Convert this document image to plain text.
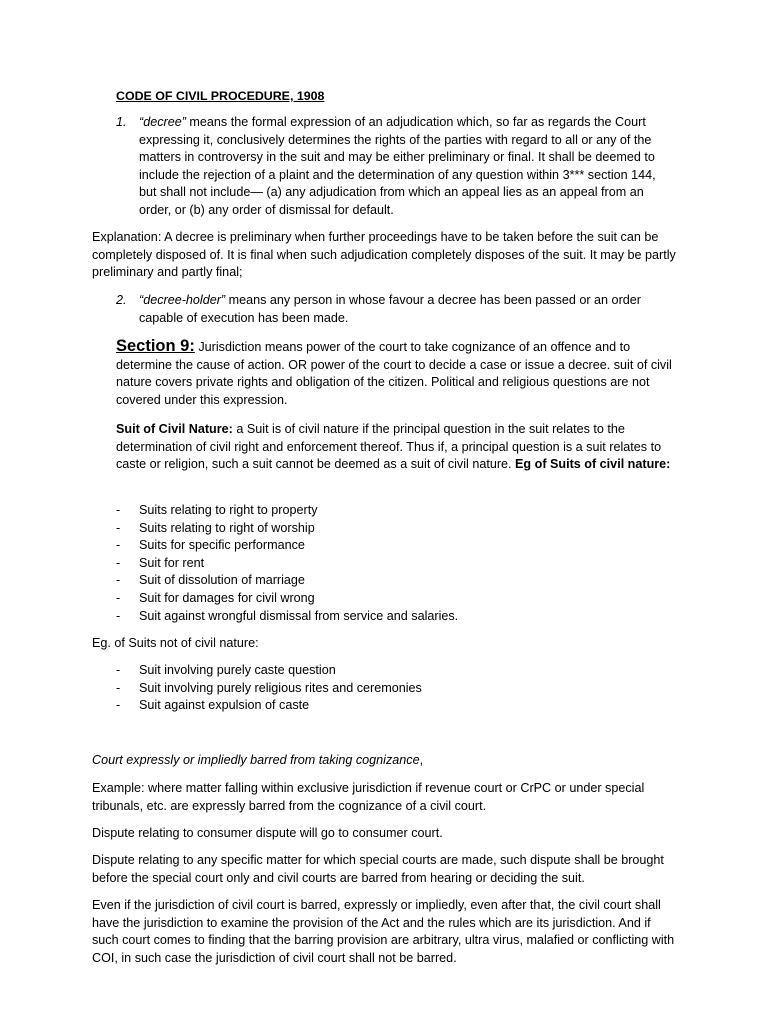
CODE OF CIVIL PROCEDURE, 1908

1. “decree” means the formal expression of an adjudication which, so far as regards the Court expressing it, conclusively determines the rights of the parties with regard to all or any of the matters in controversy in the suit and may be either preliminary or final. It shall be deemed to include the rejection of a plaint and the determination of any question within 3*** section 144, but shall not include— (a) any adjudication from which an appeal lies as an appeal from an order, or (b) any order of dismissal for default.

Explanation: A decree is preliminary when further proceedings have to be taken before the suit can be completely disposed of. It is final when such adjudication completely disposes of the suit. It may be partly preliminary and partly final;

2. “decree-holder” means any person in whose favour a decree has been passed or an order capable of execution has been made.

Section 9: Jurisdiction means power of the court to take cognizance of an offence and to determine the cause of action. OR power of the court to decide a case or issue a decree. suit of civil nature covers private rights and obligation of the citizen. Political and religious questions are not covered under this expression.

Suit of Civil Nature: a Suit is of civil nature if the principal question in the suit relates to the determination of civil right and enforcement thereof. Thus if, a principal question is a suit relates to caste or religion, such a suit cannot be deemed as a suit of civil nature. Eg of Suits of civil nature:

- Suits relating to right to property
- Suits relating to right of worship
- Suits for specific performance
- Suit for rent
- Suit of dissolution of marriage
- Suit for damages for civil wrong
- Suit against wrongful dismissal from service and salaries.

Eg. of Suits not of civil nature:

- Suit involving purely caste question
- Suit involving purely religious rites and ceremonies
- Suit against expulsion of caste

Court expressly or impliedly barred from taking cognizance,

Example: where matter falling within exclusive jurisdiction if revenue court or CrPC or under special tribunals, etc. are expressly barred from the cognizance of a civil court.

Dispute relating to consumer dispute will go to consumer court.

Dispute relating to any specific matter for which special courts are made, such dispute shall be brought before the special court only and civil courts are barred from hearing or deciding the suit.

Even if the jurisdiction of civil court is barred, expressly or impliedly, even after that, the civil court shall have the jurisdiction to examine the provision of the Act and the rules which are its jurisdiction. And if such court comes to finding that the barring provision are arbitrary, ultra virus, malafied or conflicting with COI, in such case the jurisdiction of civil court shall not be barred.
